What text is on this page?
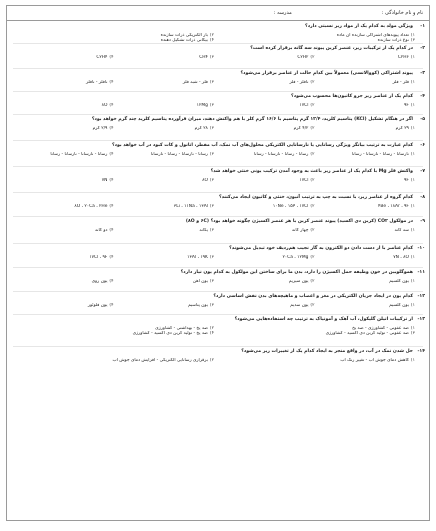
نام و نام خانوادگی :
مدرسه :
۱-
ویژگی مولد به کدام یک از مواد زیر نسبتی دارد؟
۱)
تعداد پیوندهای اشتراکی سازنده آن ماده
۲)
بار الکتریکی ذرات سازنده
۳)
نوع ذرات سازنده
۴)
بیکانی ذرات تشکیل دهنده
۲-
در کدام یک از ترکیبات زیر، عنصر کربن پیوند سه گانه برقرار کرده است؟
۱)
C۲H۶
۲)
C۲H۲
۳)
CH۴
۴)
C۲H۴
۳-
پیوند اشتراکی (کووالانسی) معمولاً بین کدام حالت از عناصر برقرار می‌شود؟
۱)
فلز - فلز
۲)
نافلز - فلز
۳)
فلز - شبه فلز
۴)
نافلز - نافلز
۴-
کدام یک از عناصر زیر جزو کاتیون‌ها محسوب می‌شود؟
۱)
۹F
۲)
۱۷Cl
۳)
۱۲Mg
۴)
۸O
۵-
اگر در هنگام تشکیل (KCl) پتاسیم کلرید، ۱۲/۴ گرم پتاسیم با ۱۶/۶ گرم کلر با هم واکنش دهند، میزان فرآورده پتاسیم کلرید چند گرم خواهد بود؟
۱)
۲۹ گرم
۲)
۴/۲ گرم
۳)
۲۸ گرم
۴)
۲/۹ گرم
۶-
کدام عبارت به ترتیب بیانگر ویژگی رسانایی یا نارسانایی الکتریکی محلول‌های آب نمک، آب مقطر، اتانول و کات کبود در آب خواهد بود؟
۱)
نارسانا - رسانا - نارسانا - رسانا
۲)
رسانا - رسانا - نارسانا - رسانا
۳)
رسانا - نارسانا - رسانا - نارسانا
۴)
رسانا - نارسانا - نارسانا - رسانا
۷-
واکنش فلز Mg با کدام یک از عناصر زیر باعث به وجود آمدن ترکیب یونی خنثی خواهد شد؟
۱)
۹F
۲)
۱۷Cl
۳)
۸O
۴)
۷N
۸-
کدام گروه از عناصر زیر، با نسبت به چپ به ترتیب آنیون، خنثی و کاتیون ایجاد می‌کنند؟
۱)
۴Be ، ۱۸Ar ، ۹F
۲)
۱۰Ne ، ۱۵P ، ۱۷Cl
۳)
۳Li ، ۱۱Na ، ۱۳Al
۴)
۸O ، ۲۰Ca ، ۲He
۹-
در مولکول CO۲ (کربن دی اکسید) پیوند عنصر کربن با هر عنصر اکسیژن چگونه خواهد بود؟ (۶C و ۸O)
۱)
سه گانه
۲)
چهار گانه
۳)
یگانه
۴)
دو گانه
۱۰-
کدام عناصر با از دست دادن دو الکترون به گاز نجیب هم‌ردیف خود تبدیل می‌شوند؟
۱)
۷N ، ۸O
۲)
۲۰Ca ، ۱۲Mg
۳)
۱۳Al ، ۱۹K
۴)
۱۷Cl ، ۹F
۱۱-
هموگلوبین در خون وظیفه حمل اکسیژن را دارد، بدن ما برای ساختن این مولکول به کدام یون نیاز دارد؟
۱)
یون کلسیم
۲)
یون منیزیم
۳)
یون آهن
۴)
یون روی
۱۲-
کدام یون در ایجاد جریان الکتریکی در مغز و اعصاب و ماهیچه‌های بدن نقش اساسی دارد؟
۱)
یون کلسیم
۲)
یون سدیم
۳)
یون پتاسیم
۴)
یون فلوئور
۱۳-
از ترکیبات اتیلن گلیکول، آب آهک و آمونیاک به ترتیب چه استفاده‌هایی می‌شود؟
۱)
ضد عفونی - کشاورزی - ضد یخ
۲)
ضد یخ - بهداشتی - کشاورزی
۳)
ضد عفونی - تولید کربن دی اکسید - کشاورزی
۴)
ضد یخ - تولید کربن دی اکسید - کشاورزی
۱۴-
حل شدن نمک در آب، در واقع منجر به ایجاد کدام یک از تغییرات زیر می‌شود؟
۱)
کاهش دمای جوش آب - تغییر رنگ آب
۲)
برقراری رسانایی الکتریکی - افزایش دمای جوش آب
